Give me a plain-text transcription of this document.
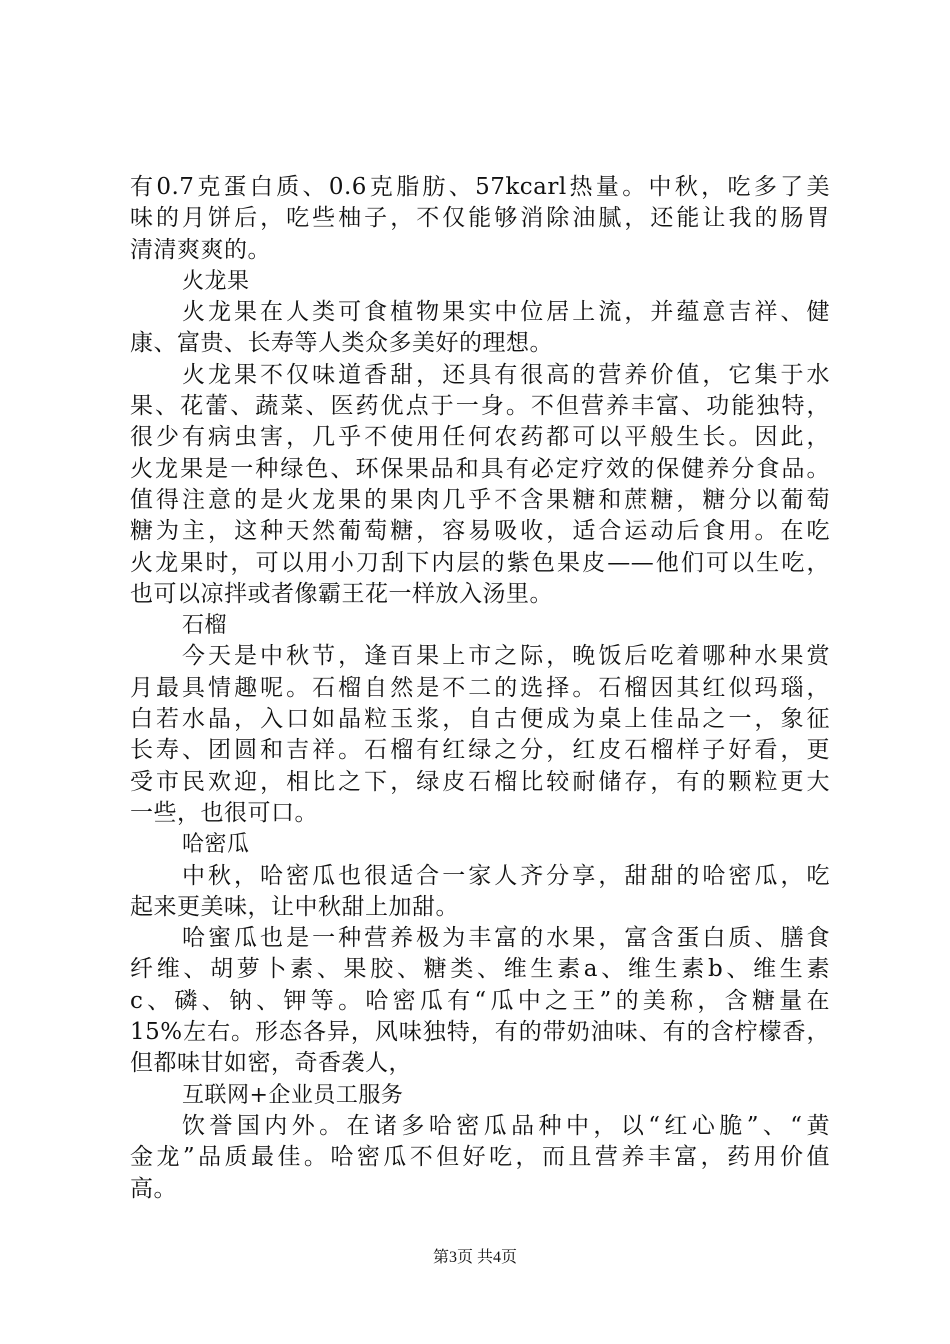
有0.7克蛋白质、0.6克脂肪、57kcarl热量。中秋，吃多了美
味的月饼后，吃些柚子，不仅能够消除油腻，还能让我的肠胃
清清爽爽的。
火龙果
火龙果在人类可食植物果实中位居上流，并蕴意吉祥、健
康、富贵、长寿等人类众多美好的理想。
火龙果不仅味道香甜，还具有很高的营养价值，它集于水
果、花蕾、蔬菜、医药优点于一身。不但营养丰富、功能独特，
很少有病虫害，几乎不使用任何农药都可以平般生长。因此，
火龙果是一种绿色、环保果品和具有必定疗效的保健养分食品。
值得注意的是火龙果的果肉几乎不含果糖和蔗糖，糖分以葡萄
糖为主，这种天然葡萄糖，容易吸收，适合运动后食用。在吃
火龙果时，可以用小刀刮下内层的紫色果皮——他们可以生吃，
也可以凉拌或者像霸王花一样放入汤里。
石榴
今天是中秋节，逢百果上市之际，晚饭后吃着哪种水果赏
月最具情趣呢。石榴自然是不二的选择。石榴因其红似玛瑙，
白若水晶，入口如晶粒玉浆，自古便成为桌上佳品之一，象征
长寿、团圆和吉祥。石榴有红绿之分，红皮石榴样子好看，更
受市民欢迎，相比之下，绿皮石榴比较耐储存，有的颗粒更大
一些，也很可口。
哈密瓜
中秋，哈密瓜也很适合一家人齐分享，甜甜的哈密瓜，吃
起来更美味，让中秋甜上加甜。
哈蜜瓜也是一种营养极为丰富的水果，富含蛋白质、膳食
纤维、胡萝卜素、果胶、糖类、维生素a、维生素b、维生素
c、磷、钠、钾等。哈密瓜有“瓜中之王”的美称，含糖量在
15%左右。形态各异，风味独特，有的带奶油味、有的含柠檬香，
但都味甘如密，奇香袭人，
互联网+企业员工服务
饮誉国内外。在诸多哈密瓜品种中，以“红心脆”、“黄
金龙”品质最佳。哈密瓜不但好吃，而且营养丰富，药用价值
高。
第3页 共4页
